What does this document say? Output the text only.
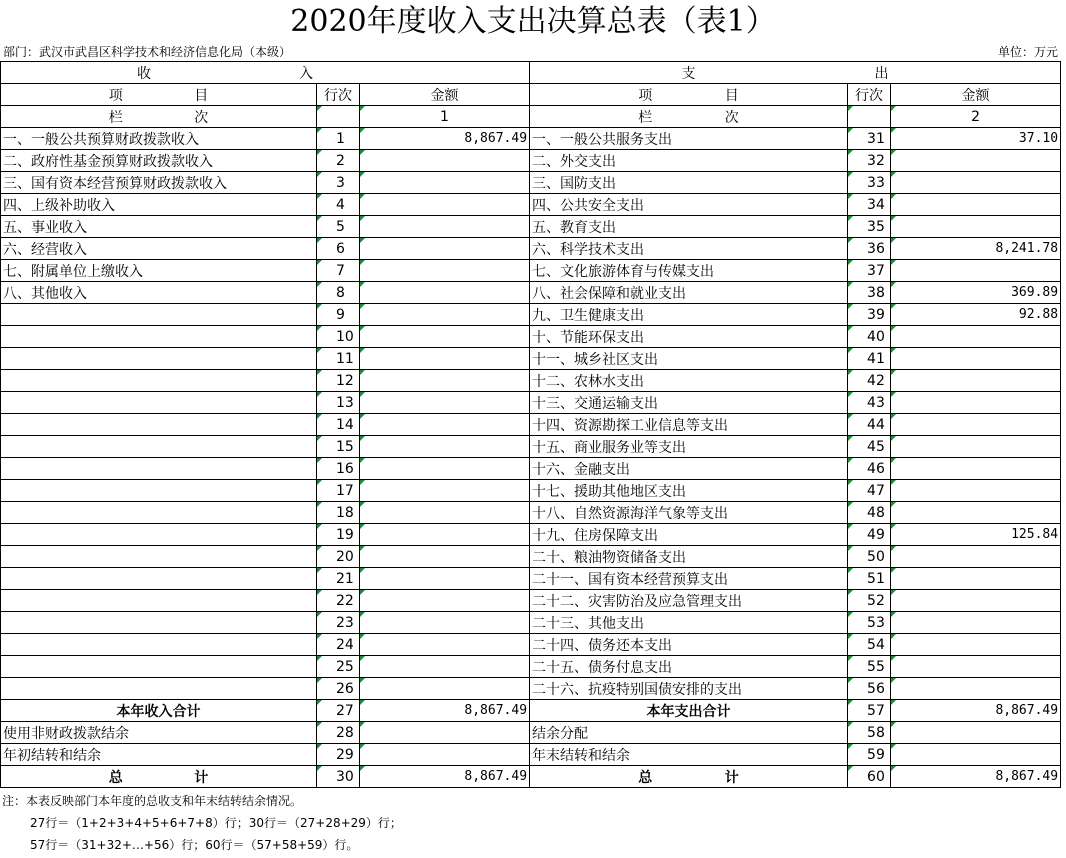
2020年度收入支出决算总表（表1）
部门：武汉市武昌区科学技术和经济信息化局（本级）	单位：万元
收 入			支 出		

项 目	行次	金额	项 目	行次	金额

栏 次		1	栏 次		2
一、一般公共预算财政拨款收入	1	8,867.49	一、一般公共服务支出	31	37.10
二、政府性基金预算财政拨款收入	2		二、外交支出	32	
三、国有资本经营预算财政拨款收入	3		三、国防支出	33	
四、上级补助收入	4		四、公共安全支出	34	
五、事业收入	5		五、教育支出	35	
六、经营收入	6		六、科学技术支出	36	8,241.78
七、附属单位上缴收入	7		七、文化旅游体育与传媒支出	37	
八、其他收入	8		八、社会保障和就业支出	38	369.89
	9		九、卫生健康支出	39	92.88
	10		十、节能环保支出	40	
	11		十一、城乡社区支出	41	
	12		十二、农林水支出	42	
	13		十三、交通运输支出	43	
	14		十四、资源勘探工业信息等支出	44	
	15		十五、商业服务业等支出	45	
	16		十六、金融支出	46	
	17		十七、援助其他地区支出	47	
	18		十八、自然资源海洋气象等支出	48	
	19		十九、住房保障支出	49	125.84
	20		二十、粮油物资储备支出	50	
	21		二十一、国有资本经营预算支出	51	
	22		二十二、灾害防治及应急管理支出	52	
	23		二十三、其他支出	53	
	24		二十四、债务还本支出	54	
	25		二十五、债务付息支出	55	
	26		二十六、抗疫特别国债安排的支出	56	
本年收入合计	27	8,867.49	本年支出合计	57	8,867.49
使用非财政拨款结余	28		结余分配	58	
年初结转和结余	29		年末结转和结余	59	

总 计	30	8,867.49	总 计	60	8,867.49
注：本表反映部门本年度的总收支和年末结转结余情况。
27行＝（1+2+3+4+5+6+7+8）行；30行＝（27+28+29）行；
57行＝（31+32+…+56）行；60行＝（57+58+59）行。
